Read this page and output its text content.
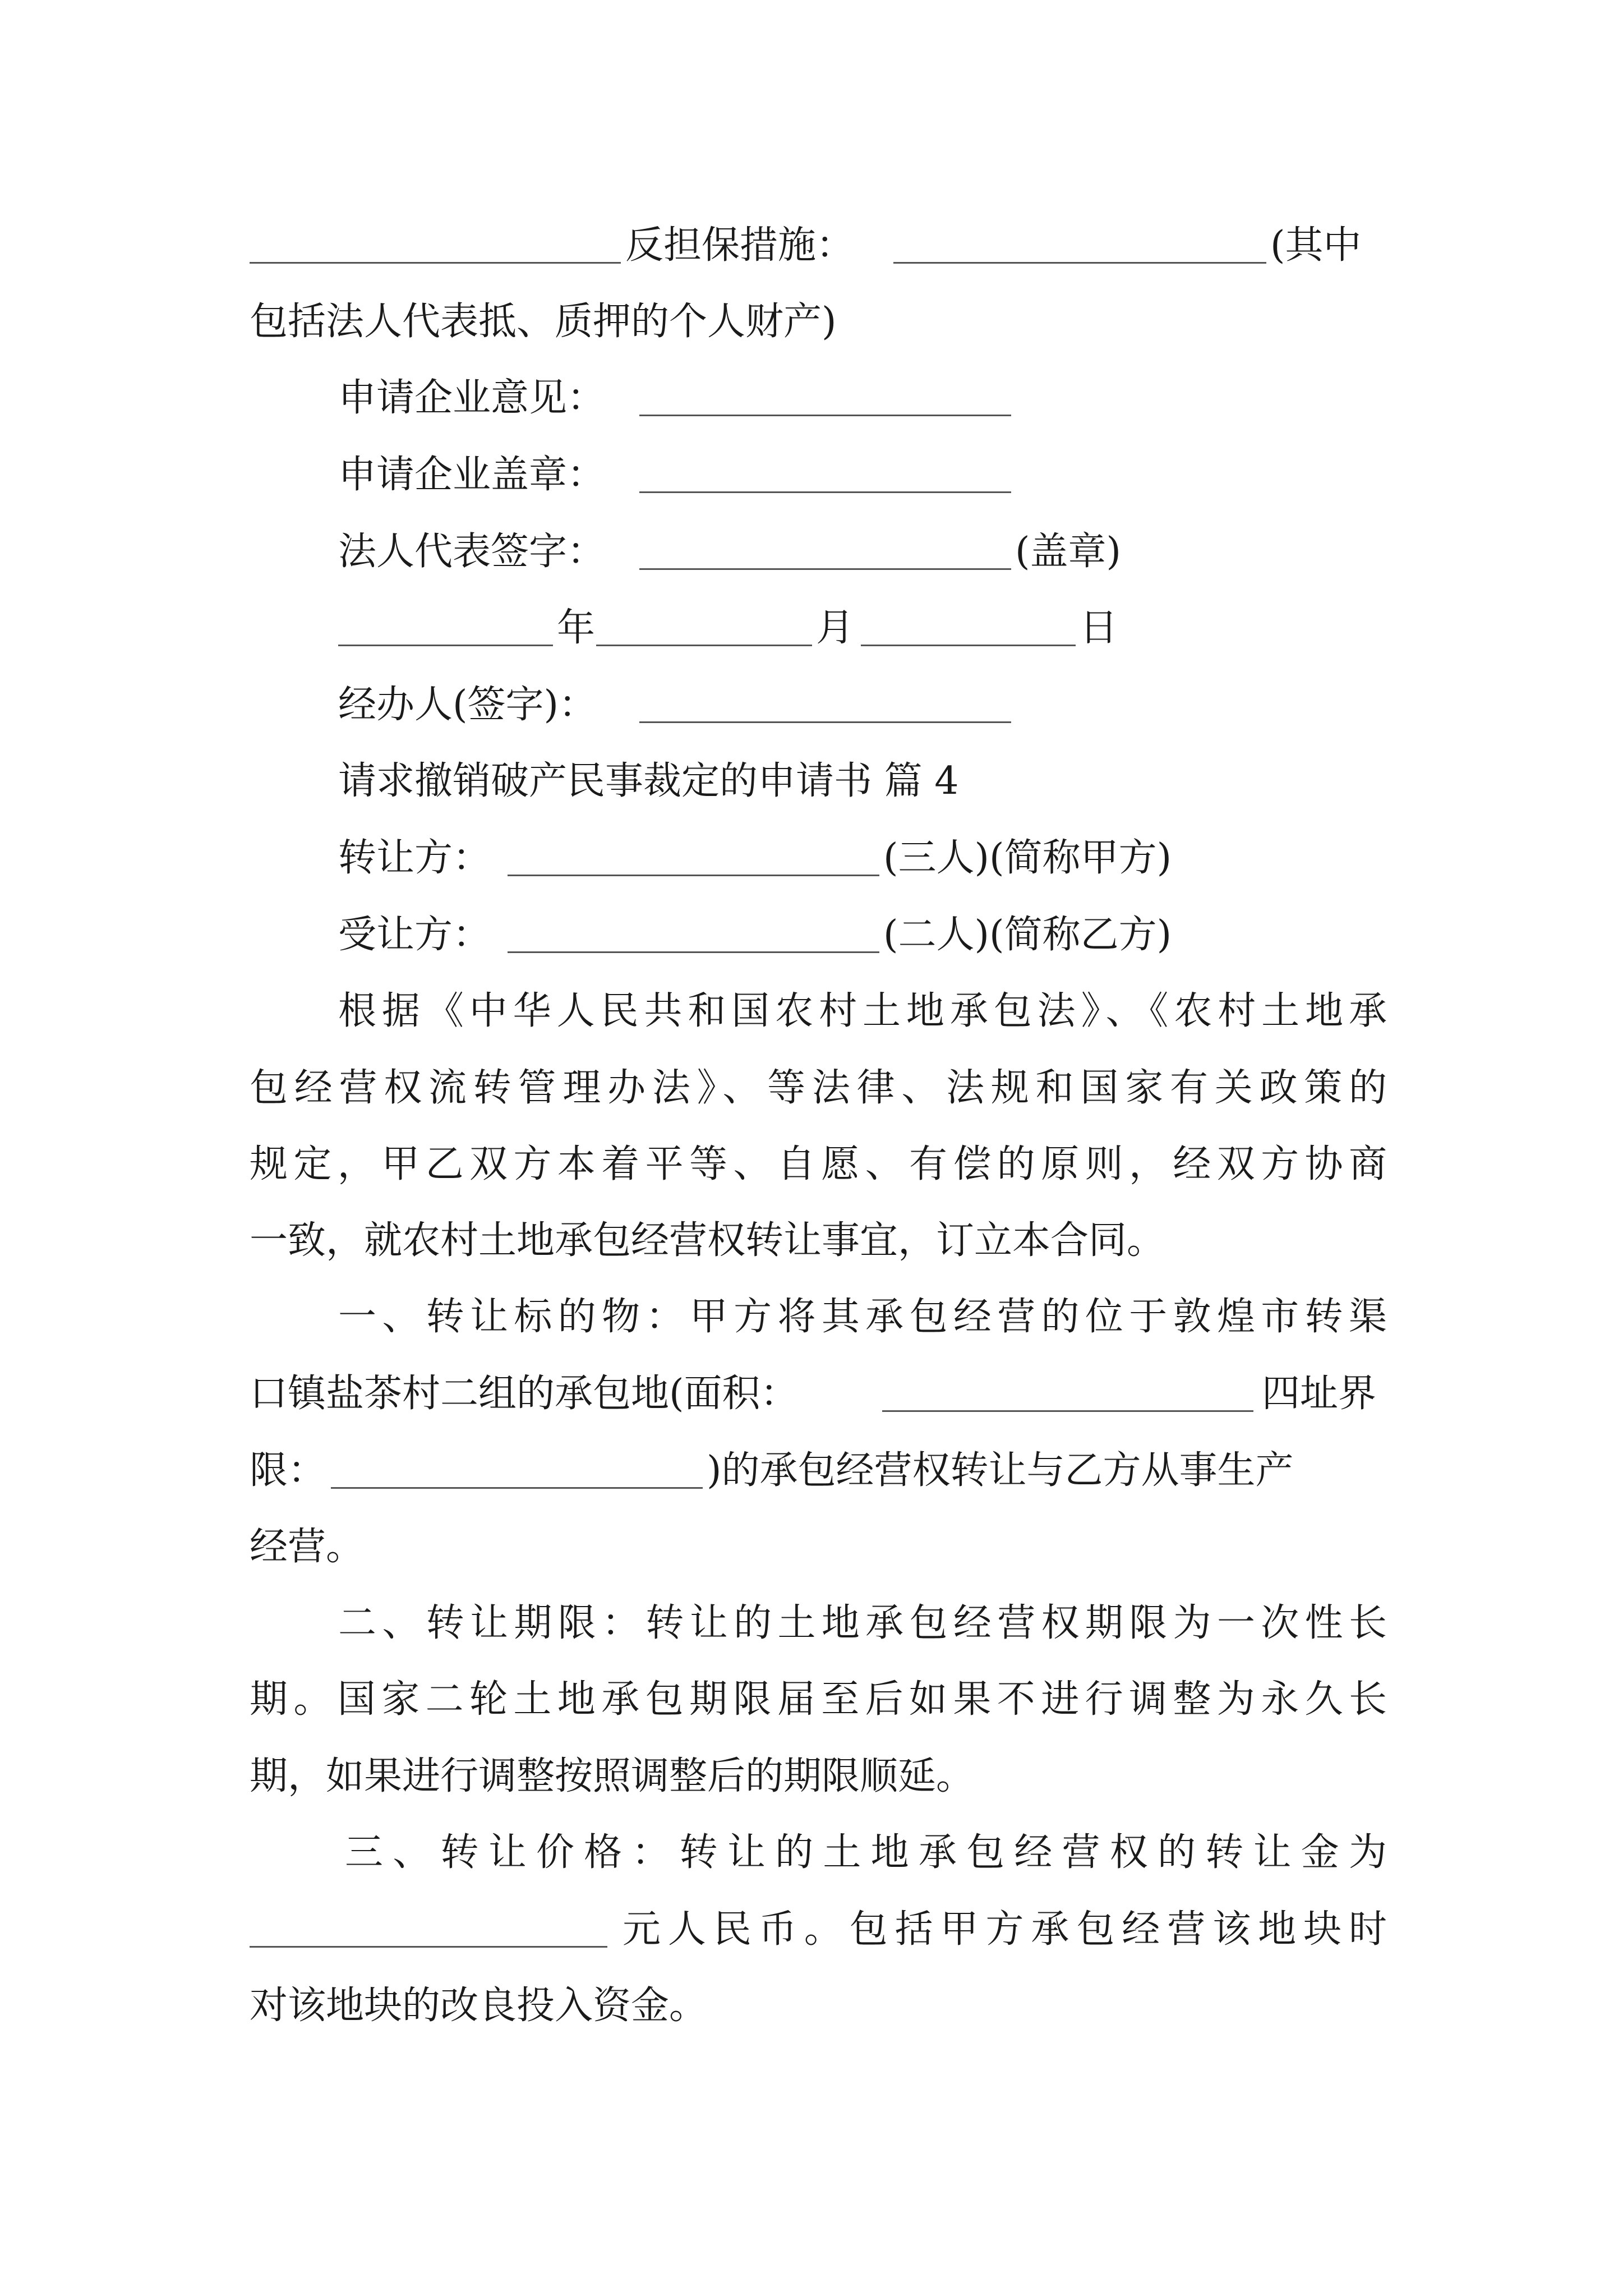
反担保措施：	(其中
包括法人代表抵、质押的个人财产)
申请企业意见：
申请企业盖章：
法人代表签字：	(盖章)
年	月	日
经办人(签字)：
请求撤销破产民事裁定的申请书 篇 4
转让方：	(三人)(简称甲方)
受让方：	(二人)(简称乙方)
根据《中华人民共和国农村土地承包法》、《农村土地承
包经营权流转管理办法》、等法律、法规和国家有关政策的
规定，甲乙双方本着平等、自愿、有偿的原则，经双方协商
一致，就农村土地承包经营权转让事宜，订立本合同。
一、转让标的物：甲方将其承包经营的位于敦煌市转渠
口镇盐茶村二组的承包地(面积：	四址界
限：	)的承包经营权转让与乙方从事生产
经营。
二、转让期限：转让的土地承包经营权期限为一次性长
期。国家二轮土地承包期限届至后如果不进行调整为永久长
期，如果进行调整按照调整后的期限顺延。
三、转让价格：转让的土地承包经营权的转让金为
元人民币。包括甲方承包经营该地块时
对该地块的改良投入资金。
